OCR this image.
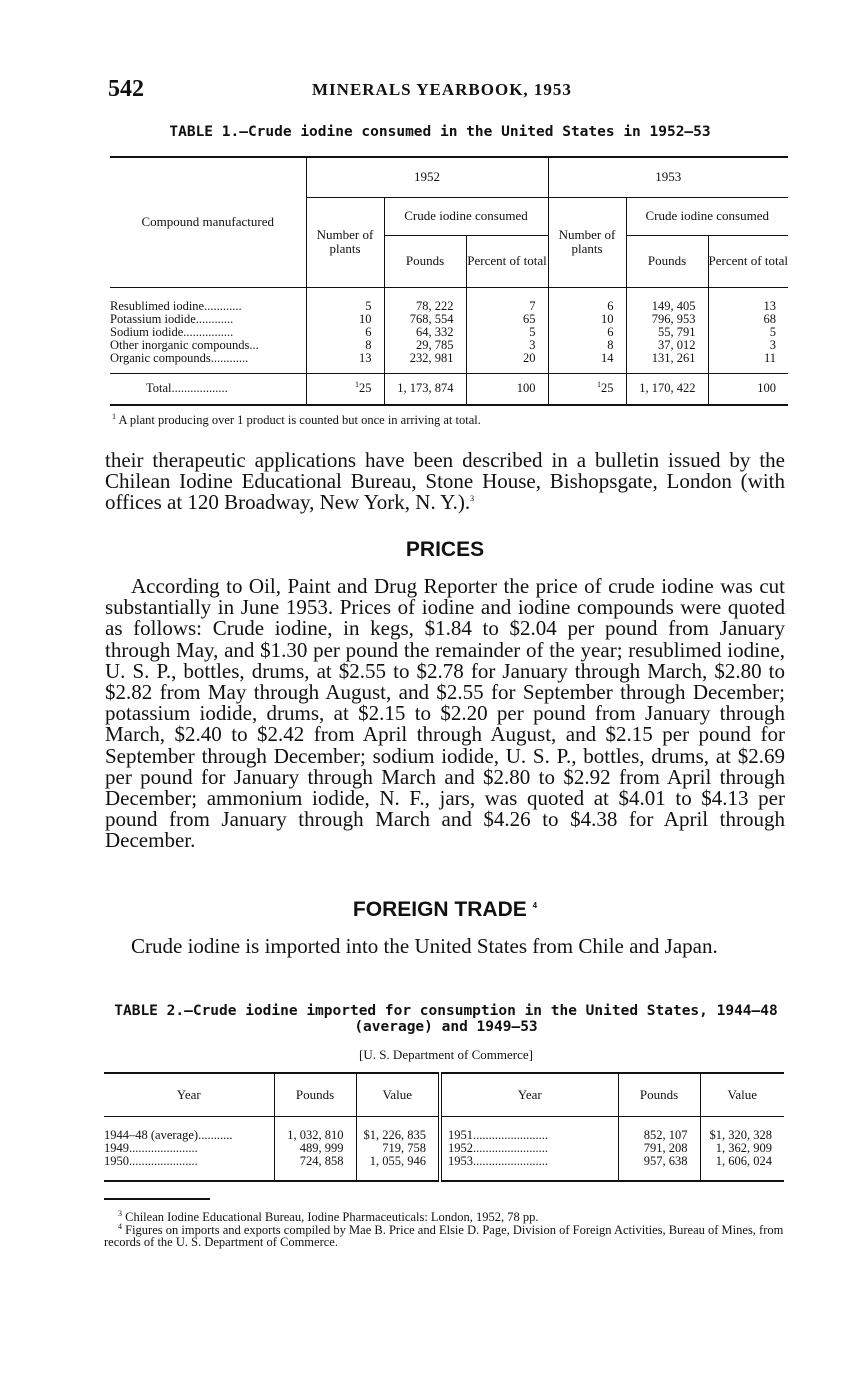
542	MINERALS YEARBOOK, 1953
TABLE 1.—Crude iodine consumed in the United States in 1952–53
Compound manufactured	1952			1953		
	Number of plants	Crude iodine consumed		Number of plants	Crude iodine consumed	
		Pounds	Percent of total		Pounds	Percent of total
Resublimed iodine............	5	78, 222	7	6	149, 405	13
Potassium iodide............	10	768, 554	65	10	796, 953	68
Sodium iodide................	6	64, 332	5	6	55, 791	5
Other inorganic compounds...	8	29, 785	3	8	37, 012	3
Organic compounds............	13	232, 981	20	14	131, 261	11
Total..................	$^1$25	1, 173, 874	100	$^1$25	1, 170, 422	100
$^1$ A plant producing over 1 product is counted but once in arriving at total.
their therapeutic applications have been described in a bulletin issued by the Chilean Iodine Educational Bureau, Stone House, Bishopsgate, London (with offices at 120 Broadway, New York, N. Y.).$^3$
PRICES
According to Oil, Paint and Drug Reporter the price of crude iodine was cut substantially in June 1953. Prices of iodine and iodine compounds were quoted as follows: Crude iodine, in kegs, $1.84 to $2.04 per pound from January through May, and $1.30 per pound the remainder of the year; resublimed iodine, U. S. P., bottles, drums, at $2.55 to $2.78 for January through March, $2.80 to $2.82 from May through August, and $2.55 for September through December; potassium iodide, drums, at $2.15 to $2.20 per pound from January through March, $2.40 to $2.42 from April through August, and $2.15 per pound for September through December; sodium iodide, U. S. P., bottles, drums, at $2.69 per pound for January through March and $2.80 to $2.92 from April through December; ammonium iodide, N. F., jars, was quoted at $4.01 to $4.13 per pound from January through March and $4.26 to $4.38 for April through December.
FOREIGN TRADE $^4$
Crude iodine is imported into the United States from Chile and Japan.
TABLE 2.—Crude iodine imported for consumption in the United States, 1944–48 (average) and 1949–53
[U. S. Department of Commerce]
Year	Pounds	Value	Year	Pounds	Value
1944–48 (average)...........	1, 032, 810	$1, 226, 835	1951........................	852, 107	$1, 320, 328
1949......................	489, 999	719, 758	1952........................	791, 208	1, 362, 909
1950......................	724, 858	1, 055, 946	1953........................	957, 638	1, 606, 024

$^3$ Chilean Iodine Educational Bureau, Iodine Pharmaceuticals: London, 1952, 78 pp.

$^4$ Figures on imports and exports compiled by Mae B. Price and Elsie D. Page, Division of Foreign Activities, Bureau of Mines, from records of the U. S. Department of Commerce.
